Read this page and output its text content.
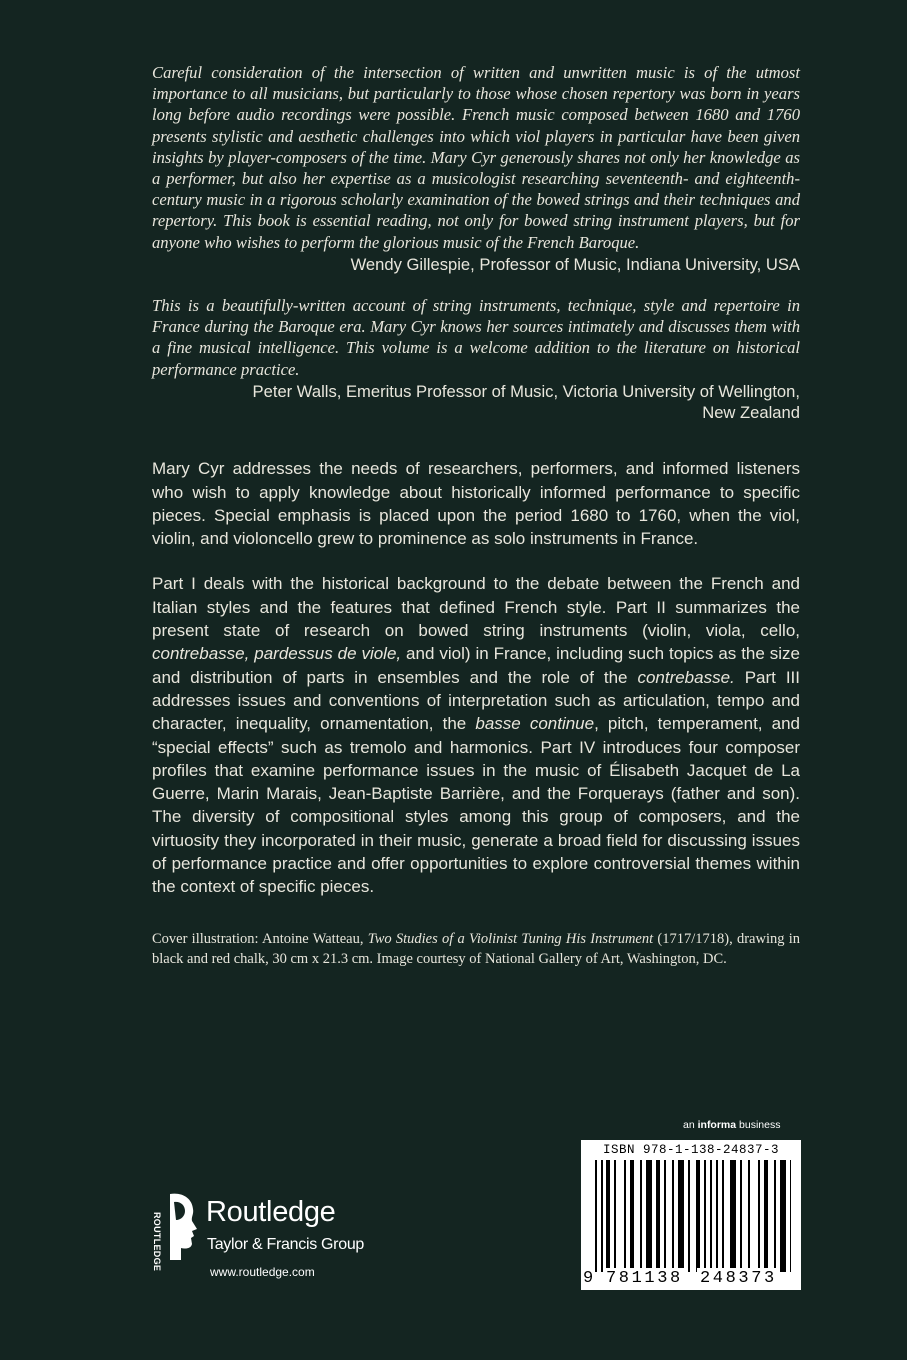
Careful consideration of the intersection of written and unwritten music is of the utmost importance to all musicians, but particularly to those whose chosen repertory was born in years long before audio recordings were possible. French music composed between 1680 and 1760 presents stylistic and aesthetic challenges into which viol players in particular have been given insights by player-composers of the time. Mary Cyr generously shares not only her knowledge as a performer, but also her expertise as a musicologist researching seventeenth- and eighteenth-century music in a rigorous scholarly examination of the bowed strings and their techniques and repertory. This book is essential reading, not only for bowed string instrument players, but for anyone who wishes to perform the glorious music of the French Baroque.

Wendy Gillespie, Professor of Music, Indiana University, USA

This is a beautifully-written account of string instruments, technique, style and repertoire in France during the Baroque era. Mary Cyr knows her sources intimately and discusses them with a fine musical intelligence. This volume is a welcome addition to the literature on historical performance practice.

Peter Walls, Emeritus Professor of Music, Victoria University of Wellington,
New Zealand

Mary Cyr addresses the needs of researchers, performers, and informed listeners who wish to apply knowledge about historically informed performance to specific pieces. Special emphasis is placed upon the period 1680 to 1760, when the viol, violin, and violoncello grew to prominence as solo instruments in France.

Part I deals with the historical background to the debate between the French and Italian styles and the features that defined French style. Part II summarizes the present state of research on bowed string instruments (violin, viola, cello, contrebasse, pardessus de viole, and viol) in France, including such topics as the size and distribution of parts in ensembles and the role of the contrebasse. Part III addresses issues and conventions of interpretation such as articulation, tempo and character, inequality, ornamentation, the basse continue, pitch, temperament, and “special effects” such as tremolo and harmonics. Part IV introduces four composer profiles that examine performance issues in the music of Élisabeth Jacquet de La Guerre, Marin Marais, Jean-Baptiste Barrière, and the Forquerays (father and son). The diversity of compositional styles among this group of composers, and the virtuosity they incorporated in their music, generate a broad field for discussing issues of performance practice and offer opportunities to explore controversial themes within the context of specific pieces.

Cover illustration: Antoine Watteau, Two Studies of a Violinist Tuning His Instrument (1717/1718), drawing in black and red chalk, 30 cm x 21.3 cm. Image courtesy of National Gallery of Art, Washington, DC.

an informa business
ISBN 978-1-138-24837-3
9 781138 248373
ROUTLEDGE Routledge
Taylor & Francis Group
www.routledge.com
